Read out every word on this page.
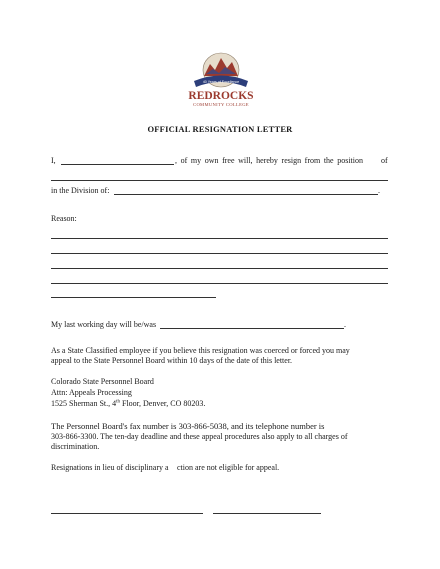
40 Years of Excellence
REDROCKS
COMMUNITY COLLEGE
OFFICIAL RESIGNATION LETTER
I,	, of my own free will, hereby resign from the position of
in the Division of:	.
Reason:
My last working day will be/was	.
As a State Classified employee if you believe this resignation was coerced or forced you may
appeal to the State Personnel Board within 10 days of the date of this letter.
Colorado State Personnel Board
Attn: Appeals Processing
1525 Sherman St., 4th Floor, Denver, CO 80203.
The Personnel Board's fax number is 303-866-5038, and its telephone number is
303-866-3300. The ten-day deadline and these appeal procedures also apply to all charges of
discrimination.
Resignations in lieu of disciplinary a ction are not eligible for appeal.
